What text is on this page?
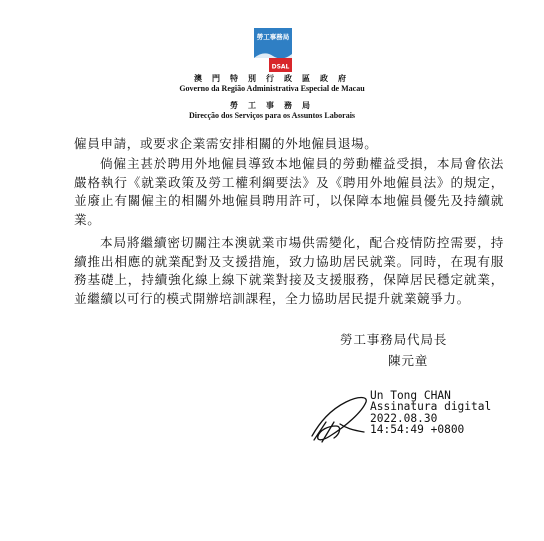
勞工事務局
DSAL
澳 門 特 別 行 政 區 政 府
Governo da Região Administrativa Especial de Macau
勞 工 事 務 局
Direcção dos Serviços para os Assuntos Laborais
僱員申請，或要求企業需安排相關的外地僱員退場。
倘僱主甚於聘用外地僱員導致本地僱員的勞動權益受損，本局會依法嚴格執行《就業政策及勞工權利綱要法》及《聘用外地僱員法》的規定，並廢止有關僱主的相關外地僱員聘用許可，以保障本地僱員優先及持續就業。
本局將繼續密切關注本澳就業市場供需變化，配合疫情防控需要，持續推出相應的就業配對及支援措施，致力協助居民就業。同時，在現有服務基礎上，持續強化線上線下就業對接及支援服務，保障居民穩定就業，並繼續以可行的模式開辦培訓課程，全力協助居民提升就業競爭力。
勞工事務局代局長
陳元童
Un Tong CHAN
Assinatura digital
2022.08.30
14:54:49 +0800
